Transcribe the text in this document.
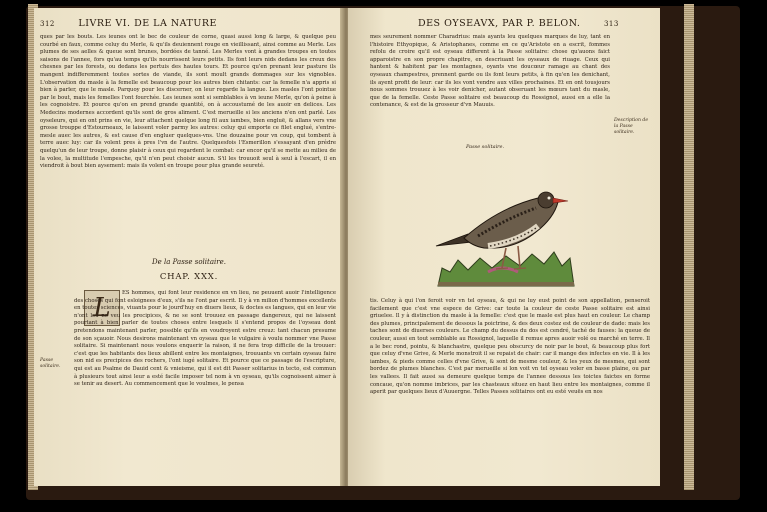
312 LIVRE VI. DE LA NATURE

ques par les bouts. Les ieunes ont le bec de couleur de corne, quasi aussi long & large, & quelque peu courbé en faux, comme celuy du Merle, & qu'ils deuiennent rouge en vieillissant, ainsi comme au Merle. Les plumes de ses aelles & queue sont brunes, bordées de tanné. Les Merles vont à grandes troupes en toutes saisons de l'annee, fors qu'au temps qu'ils nourrissent leurs petits. Ils font leurs nids dedans les creux des chesnes par les forests, ou dedans les pertuis des hautes tours. Et pource qu'en prenant leur pasture ils mangent indifferemment toutes sortes de viande, ils sont moult grands dommages sur les vignobles. L'observation du masle à la femelle est beaucoup pour les autres bien chitants: car la femelle n'a appris si bien à parler, que le masle. Parquoy pour les discerner, on leur regarde la langue. Les masles l'ont pointue par le bout, mais les femelles l'ont fourchée. Les ieunes sont si semblables à vn ieune Merle, qu'on à peine à les cognoistre. Et pource qu'on en prend grande quantité, on à accoustumé de les auoir en delices. Les Medecins modernes accordent qu'ils sont de gros aliment. C'est merueille si les anciens n'en ont parlé. Les oyseleurs, qui en ont prins en vie, leur attachent quelque long fil aux iambes, bien engluë, & allans vers vne grosse trouppe d'Estourneaux, le laissent voler parmy les autres: celuy qui emporte ce filet englué, s'entre-mesle auec les autres, & est cause d'en engluer quelques-vns. Une douzaine pour vn coup, qui tombent à terre auec luy: car ils volent pres à pres l'vn de l'autre. Quelquesfois l'Esmerillon s'essayant d'en prédre quelqu'un de leur troupe, donne plaisir à ceux qui regardent le combat: car encor qu'il se mette au milieu de la volee, la multitude l'empesche, qu'il n'en peut choisir aucun. S'il les trouuoit seul à seul à l'escart, il en viendroit à bout bien aysement: mais ils volent en troupe pour plus grande seureté.

De la Passe solitaire.
CHAP. XXX.
L	ES hommes, qui font leur residence en vn lieu, ne peuuent auoir l'intelligence des choses qui font esloignees d'eux, s'ils ne l'ont par escrit. Il y à vn milion d'hommes excellents en toutes sciences, viuants pour le jourd'huy en diuers lieux, & doctes es langues, qui en leur vie n'ont leu ne veu les precipices, & ne se sont trouuez en passage dangereux, qui ne laissent pourtant à bien parler de toutes choses entre lesquels il s'entend propos de l'oyseau dont pretendons maintenant parler, possible qu'ils en voudroyent estre creuz: tant chacun presume de son sçauoir. Nous desirons maintenant vn oyseau que le vulgaire à voulu nommer vne Passe solitaire. Si maintenant nous voulons enquerir la raison, il ne fera trop difficile de la trouuer: c'est que les habitants des lieux abillent entre les montaignes, trouuants vn certain oyseau faire son nid es precipices des rochers, l'ont iugé solitaire. Et pource que ce passage de l'escripture, qui est au Psalme de Dauid cent & vnieisme, qui il est dit Passer solitarius in tecto, est commun à plusieurs tout ainsi leur a esté facile imposer tel nom à vn oyseau, qu'ils cognoissent aimer à se tenir au desert. Au commencement que le voulmes, le pensa

Passe solitaire.
DES OYSEAVX, PAR P. BELON.	313

mes seurement nommer Charadrius: mais ayants leu quelques marques de luy, tant en l'histoire Ethyopique, & Aristophanes, comme en ce qu'Aristote en a escrit, fommes refolu de croire qu'il est oyseau different à la Passe solitaire: chose qu'auons faict apparoistre en son propre chapitre, en descriuant les oyseaux de riuage. Ceux qui hantent & habitent par les montagnes, oyants vne doucœur ramage au chant des oyseaux champestres, prennent garde ou ils font leurs petits, à fin qu'en les denichant, ils ayent profit de leur: car ils les vont vendre aux villes prochaines. Et en ont tousjours nous sommes trouuez à les voir denicher, autant obseruant les mœurs tant du masle, que de la femelle. Ceste Passe solitaire est beaucoup du Rossignol, aussi en a elle la contenance, & est de la grosseur d'vn Mauuis.

Description de la Passe solitaire.
Passe solitaire.

tis. Celuy à qui l'on feroit voir vn tel oyseau, & qui ne luy eust point de son appellation, penseroit facilement que c'est vne espece de Grive: car toute la couleur de ceste Passe solitaire est ainsi griuelee. Il y à distinction du masle à la femelle: c'est que le masle est plus haut en couleur. Le champ des plumes, principalement de dessous la poictrine, & des deux costez est de couleur de dade: mais les taches sont de diuerses couleurs. Le champ du dessus du dos est cendré, taché de fauses: la queue de couleur, aussi en tout semblable au Rossignol, laquelle il remue apres auoir volé ou marché en terre. Il a le bec rond, pointu, & blanchastre, quelque peu obscurcy de noir par le bout, & beaucoup plus fort que celuy d'vne Grive, & Merle monstroit il se repaist de chair: car il mange des infectes en vie. Il à les iambes, & pieds comme celles d'vne Grive, & sont de mesme couleur, & les yeux de mesmes, qui sont bordez de plumes blanches. C'est par merueille si lon voit vn tel oyseau voler en basse plaine, ou par les vallees. Il fait aussi sa demeure quelque temps de l'annee dessous les toictes faictes en forme concaue, qu'on nomme imbrices, par les chasteaux situez en haut lieu entre les montaignes, comme il aperit par quelques lieux d'Auuergne. Telles Passes solitaires ont eu esté veuës en nos
